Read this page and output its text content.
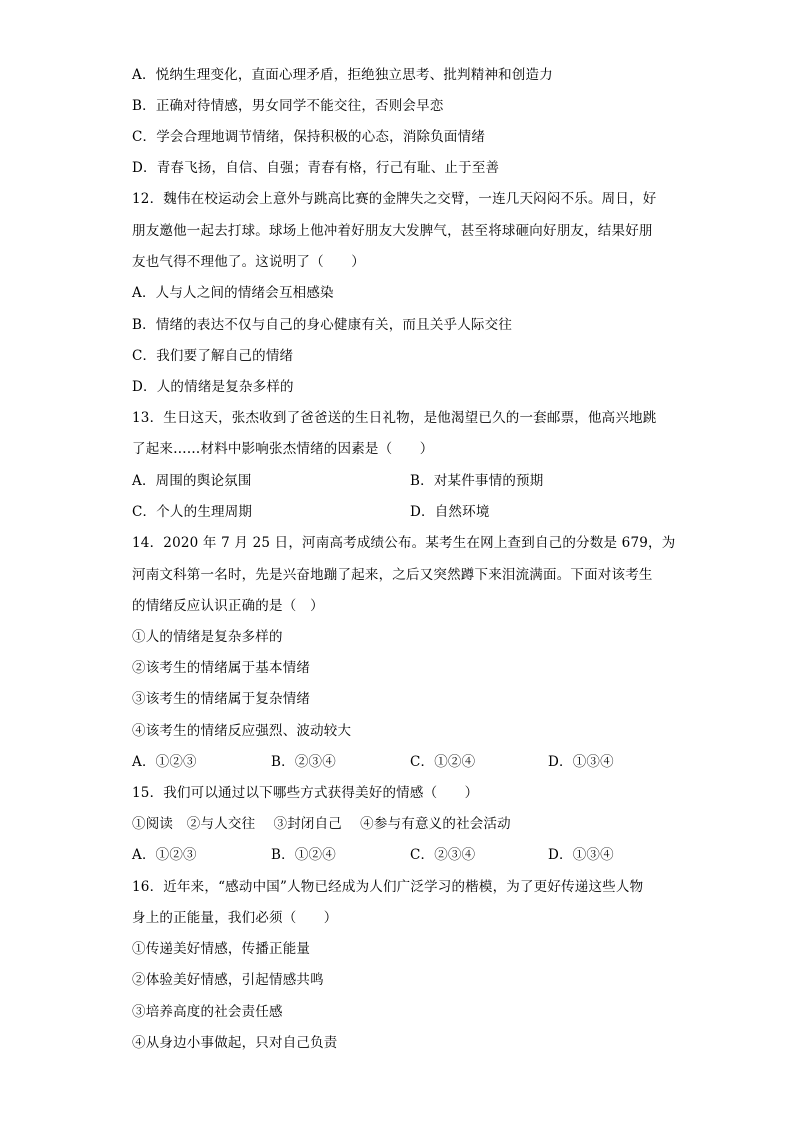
A．悦纳生理变化，直面心理矛盾，拒绝独立思考、批判精神和创造力
B．正确对待情感，男女同学不能交往，否则会早恋
C．学会合理地调节情绪，保持积极的心态，消除负面情绪
D．青春飞扬，自信、自强；青春有格，行己有耻、止于至善
12．魏伟在校运动会上意外与跳高比赛的金牌失之交臂，一连几天闷闷不乐。周日，好
朋友邀他一起去打球。球场上他冲着好朋友大发脾气，甚至将球砸向好朋友，结果好朋
友也气得不理他了。这说明了（　　）
A．人与人之间的情绪会互相感染
B．情绪的表达不仅与自己的身心健康有关，而且关乎人际交往
C．我们要了解自己的情绪
D．人的情绪是复杂多样的
13．生日这天，张杰收到了爸爸送的生日礼物，是他渴望已久的一套邮票，他高兴地跳
了起来……材料中影响张杰情绪的因素是（　　）
A．周围的舆论氛围	B．对某件事情的预期
C．个人的生理周期	D．自然环境
14．2020 年 7 月 25 日，河南高考成绩公布。某考生在网上查到自己的分数是 679，为
河南文科第一名时，先是兴奋地蹦了起来，之后又突然蹲下来泪流满面。下面对该考生
的情绪反应认识正确的是（　）
①人的情绪是复杂多样的
②该考生的情绪属于基本情绪
③该考生的情绪属于复杂情绪
④该考生的情绪反应强烈、波动较大
A．①②③	B．②③④	C．①②④	D．①③④
15．我们可以通过以下哪些方式获得美好的情感（　　）
①阅读　②与人交往　 ③封闭自己　 ④参与有意义的社会活动
A．①②③	B．①②④	C．②③④	D．①③④
16．近年来，“感动中国”人物已经成为人们广泛学习的楷模，为了更好传递这些人物
身上的正能量，我们必须（　　）
①传递美好情感，传播正能量
②体验美好情感，引起情感共鸣
③培养高度的社会责任感
④从身边小事做起，只对自己负责
